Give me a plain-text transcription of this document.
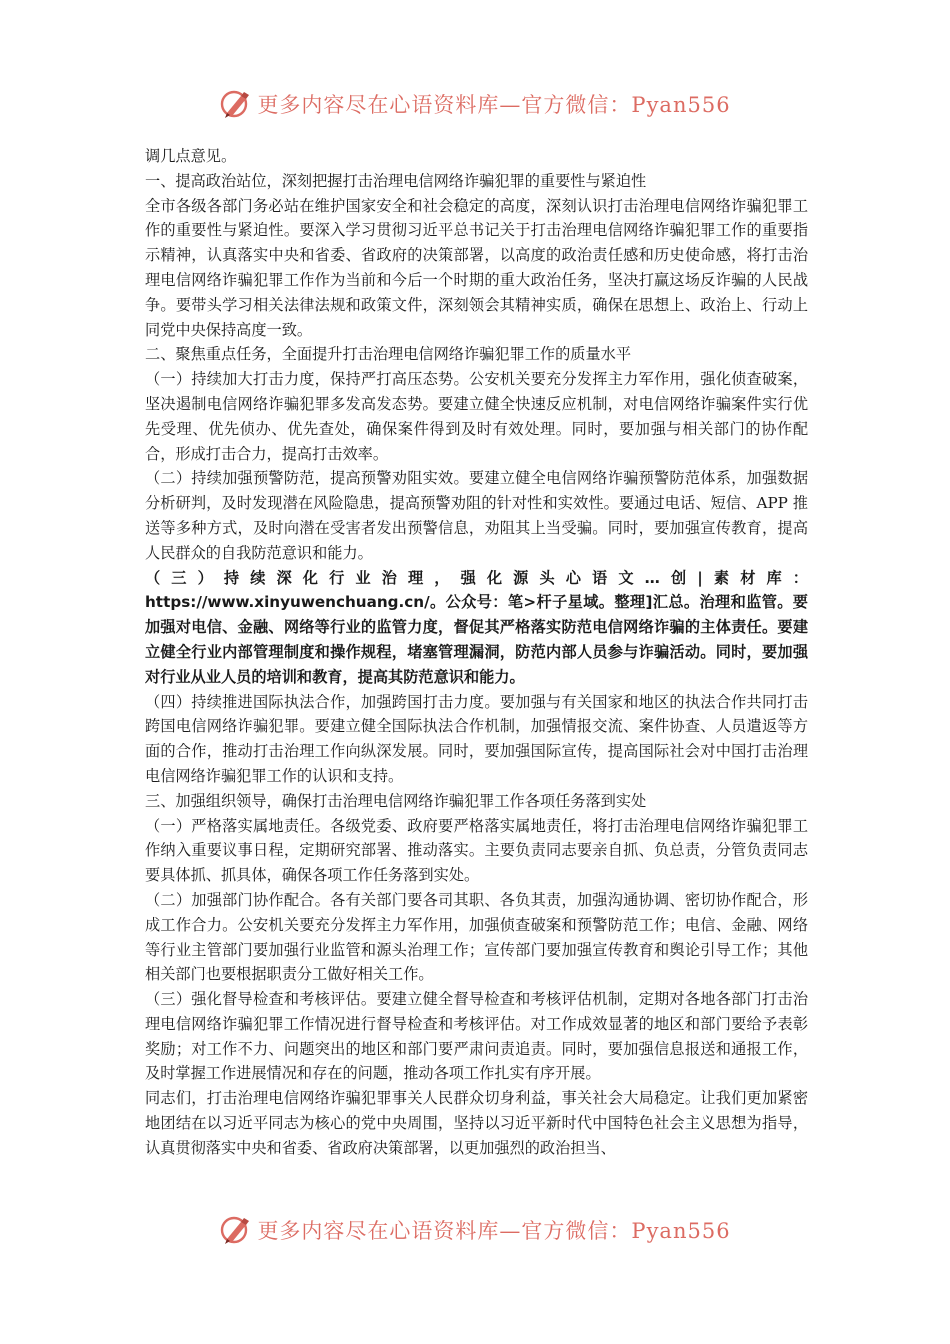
更多内容尽在心语资料库—官方微信：Pyan556

调几点意见。

一、提高政治站位，深刻把握打击治理电信网络诈骗犯罪的重要性与紧迫性

全市各级各部门务必站在维护国家安全和社会稳定的高度，深刻认识打击治理电信网络诈骗犯罪工作的重要性与紧迫性。要深入学习贯彻习近平总书记关于打击治理电信网络诈骗犯罪工作的重要指示精神，认真落实中央和省委、省政府的决策部署，以高度的政治责任感和历史使命感，将打击治理电信网络诈骗犯罪工作作为当前和今后一个时期的重大政治任务，坚决打赢这场反诈骗的人民战争。要带头学习相关法律法规和政策文件，深刻领会其精神实质，确保在思想上、政治上、行动上同党中央保持高度一致。

二、聚焦重点任务，全面提升打击治理电信网络诈骗犯罪工作的质量水平

（一）持续加大打击力度，保持严打高压态势。公安机关要充分发挥主力军作用，强化侦查破案，坚决遏制电信网络诈骗犯罪多发高发态势。要建立健全快速反应机制，对电信网络诈骗案件实行优先受理、优先侦办、优先查处，确保案件得到及时有效处理。同时，要加强与相关部门的协作配合，形成打击合力，提高打击效率。

（二）持续加强预警防范，提高预警劝阻实效。要建立健全电信网络诈骗预警防范体系，加强数据分析研判，及时发现潜在风险隐患，提高预警劝阻的针对性和实效性。要通过电话、短信、APP 推送等多种方式，及时向潜在受害者发出预警信息，劝阻其上当受骗。同时，要加强宣传教育，提高人民群众的自我防范意识和能力。

（三）持续深化行业治理，强化源头心语文…创|素材库：https://www.xinyuwenchuang.cn/。公众号：笔>杆子星域。整理]汇总。治理和监管。要加强对电信、金融、网络等行业的监管力度，督促其严格落实防范电信网络诈骗的主体责任。要建立健全行业内部管理制度和操作规程，堵塞管理漏洞，防范内部人员参与诈骗活动。同时，要加强对行业从业人员的培训和教育，提高其防范意识和能力。

（四）持续推进国际执法合作，加强跨国打击力度。要加强与有关国家和地区的执法合作共同打击跨国电信网络诈骗犯罪。要建立健全国际执法合作机制，加强情报交流、案件协查、人员遣返等方面的合作，推动打击治理工作向纵深发展。同时，要加强国际宣传，提高国际社会对中国打击治理电信网络诈骗犯罪工作的认识和支持。

三、加强组织领导，确保打击治理电信网络诈骗犯罪工作各项任务落到实处

（一）严格落实属地责任。各级党委、政府要严格落实属地责任，将打击治理电信网络诈骗犯罪工作纳入重要议事日程，定期研究部署、推动落实。主要负责同志要亲自抓、负总责，分管负责同志要具体抓、抓具体，确保各项工作任务落到实处。

（二）加强部门协作配合。各有关部门要各司其职、各负其责，加强沟通协调、密切协作配合，形成工作合力。公安机关要充分发挥主力军作用，加强侦查破案和预警防范工作；电信、金融、网络等行业主管部门要加强行业监管和源头治理工作；宣传部门要加强宣传教育和舆论引导工作；其他相关部门也要根据职责分工做好相关工作。

（三）强化督导检查和考核评估。要建立健全督导检查和考核评估机制，定期对各地各部门打击治理电信网络诈骗犯罪工作情况进行督导检查和考核评估。对工作成效显著的地区和部门要给予表彰奖励；对工作不力、问题突出的地区和部门要严肃问责追责。同时，要加强信息报送和通报工作，及时掌握工作进展情况和存在的问题，推动各项工作扎实有序开展。

同志们，打击治理电信网络诈骗犯罪事关人民群众切身利益，事关社会大局稳定。让我们更加紧密地团结在以习近平同志为核心的党中央周围，坚持以习近平新时代中国特色社会主义思想为指导，认真贯彻落实中央和省委、省政府决策部署，以更加强烈的政治担当、

更多内容尽在心语资料库—官方微信：Pyan556
